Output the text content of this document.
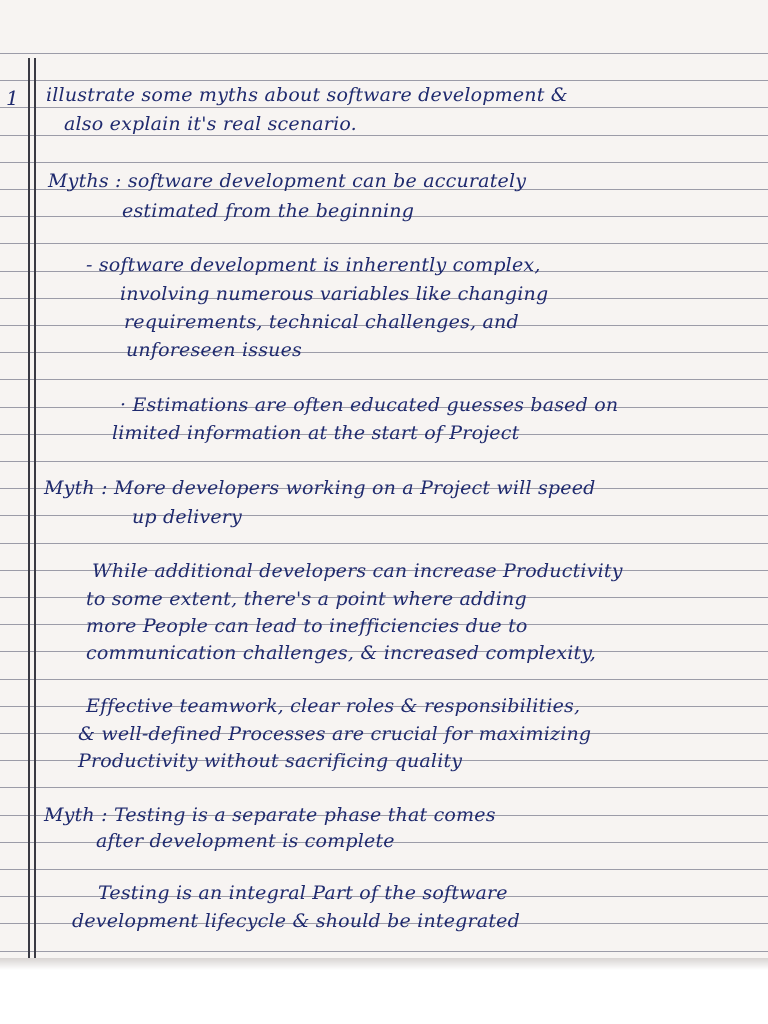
1 illustrate some myths about software development &
also explain it's real scenario.
Myths : software development can be accurately
estimated from the beginning
- software development is inherently complex,
involving numerous variables like changing
requirements, technical challenges, and
unforeseen issues
· Estimations are often educated guesses based on
limited information at the start of Project
Myth : More developers working on a Project will speed
up delivery
While additional developers can increase Productivity
to some extent, there's a point where adding
more People can lead to inefficiencies due to
communication challenges, & increased complexity,
Effective teamwork, clear roles & responsibilities,
& well-defined Processes are crucial for maximizing
Productivity without sacrificing quality
Myth : Testing is a separate phase that comes
after development is complete
Testing is an integral Part of the software
development lifecycle & should be integrated
